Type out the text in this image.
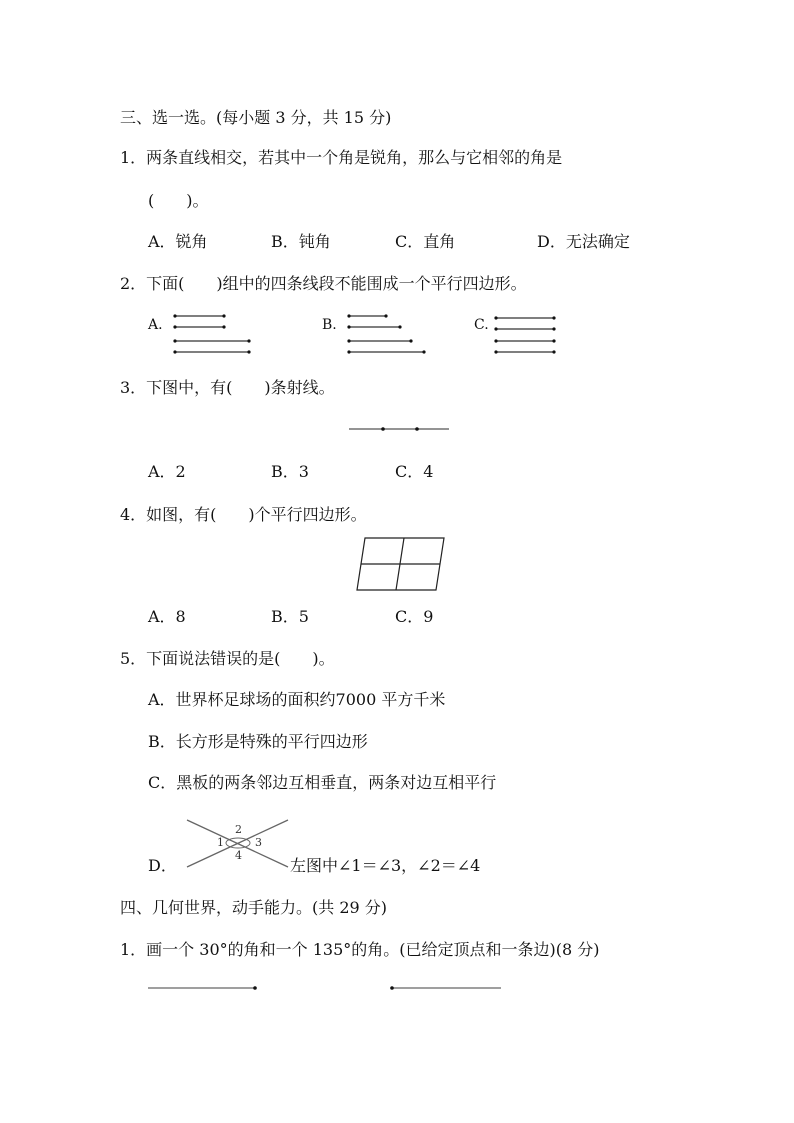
三、选一选。(每小题 3 分，共 15 分)
1．两条直线相交，若其中一个角是锐角，那么与它相邻的角是
(　　)。
A．锐角	B．钝角	C．直角	D．无法确定
2．下面(　　)组中的四条线段不能围成一个平行四边形。
A.	B.	C.
3．下图中，有(　　)条射线。
A．2	B．3	C．4
4．如图，有(　　)个平行四边形。
A．8	B．5	C．9
5．下面说法错误的是(　　)。
A．世界杯足球场的面积约7000 平方千米
B．长方形是特殊的平行四边形
C．黑板的两条邻边互相垂直，两条对边互相平行
D．
1
2
3
4
左图中∠1＝∠3，∠2＝∠4
四、几何世界，动手能力。(共 29 分)
1．画一个 30°的角和一个 135°的角。(已给定顶点和一条边)(8 分)
